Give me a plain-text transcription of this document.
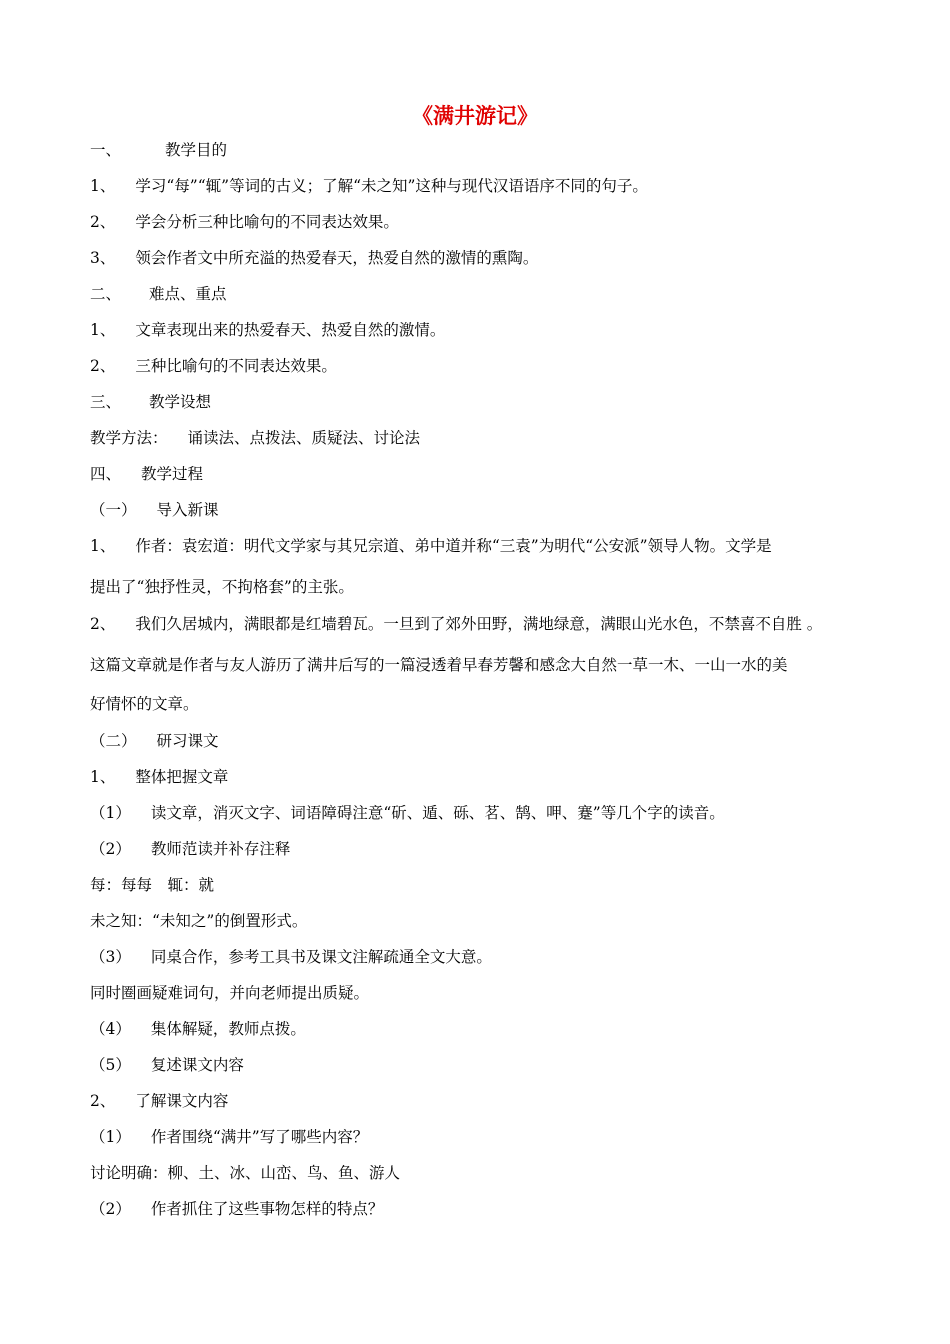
《满井游记》
一、	教学目的
1、 学习“每”“辄”等词的古义；了解“未之知”这种与现代汉语语序不同的句子。
2、 学会分析三种比喻句的不同表达效果。
3、 领会作者文中所充溢的热爱春天，热爱自然的激情的熏陶。
二、 难点、重点
1、 文章表现出来的热爱春天、热爱自然的激情。
2、 三种比喻句的不同表达效果。
三、 教学设想
教学方法： 诵读法、点拨法、质疑法、讨论法
四、 教学过程
（一） 导入新课
1、 作者：袁宏道：明代文学家与其兄宗道、弟中道并称“三袁”为明代“公安派”领导人物。文学是
提出了“独抒性灵，不拘格套”的主张。
2、 我们久居城内，满眼都是红墙碧瓦。一旦到了郊外田野，满地绿意，满眼山光水色，不禁喜不自胜 。
这篇文章就是作者与友人游历了满井后写的一篇浸透着早春芳馨和感念大自然一草一木、一山一水的美
好情怀的文章。
（二） 研习课文
1、 整体把握文章
（1） 读文章，消灭文字、词语障碍注意“斫、遁、砾、茗、鹄、呷、蹇”等几个字的读音。
（2） 教师范读并补存注释
每：每每　辄：就
未之知：“未知之”的倒置形式。
（3） 同桌合作，参考工具书及课文注解疏通全文大意。
同时圈画疑难词句，并向老师提出质疑。
（4） 集体解疑，教师点拨。
（5） 复述课文内容
2、 了解课文内容
（1） 作者围绕“满井”写了哪些内容？
讨论明确：柳、土、冰、山峦、鸟、鱼、游人
（2） 作者抓住了这些事物怎样的特点？
